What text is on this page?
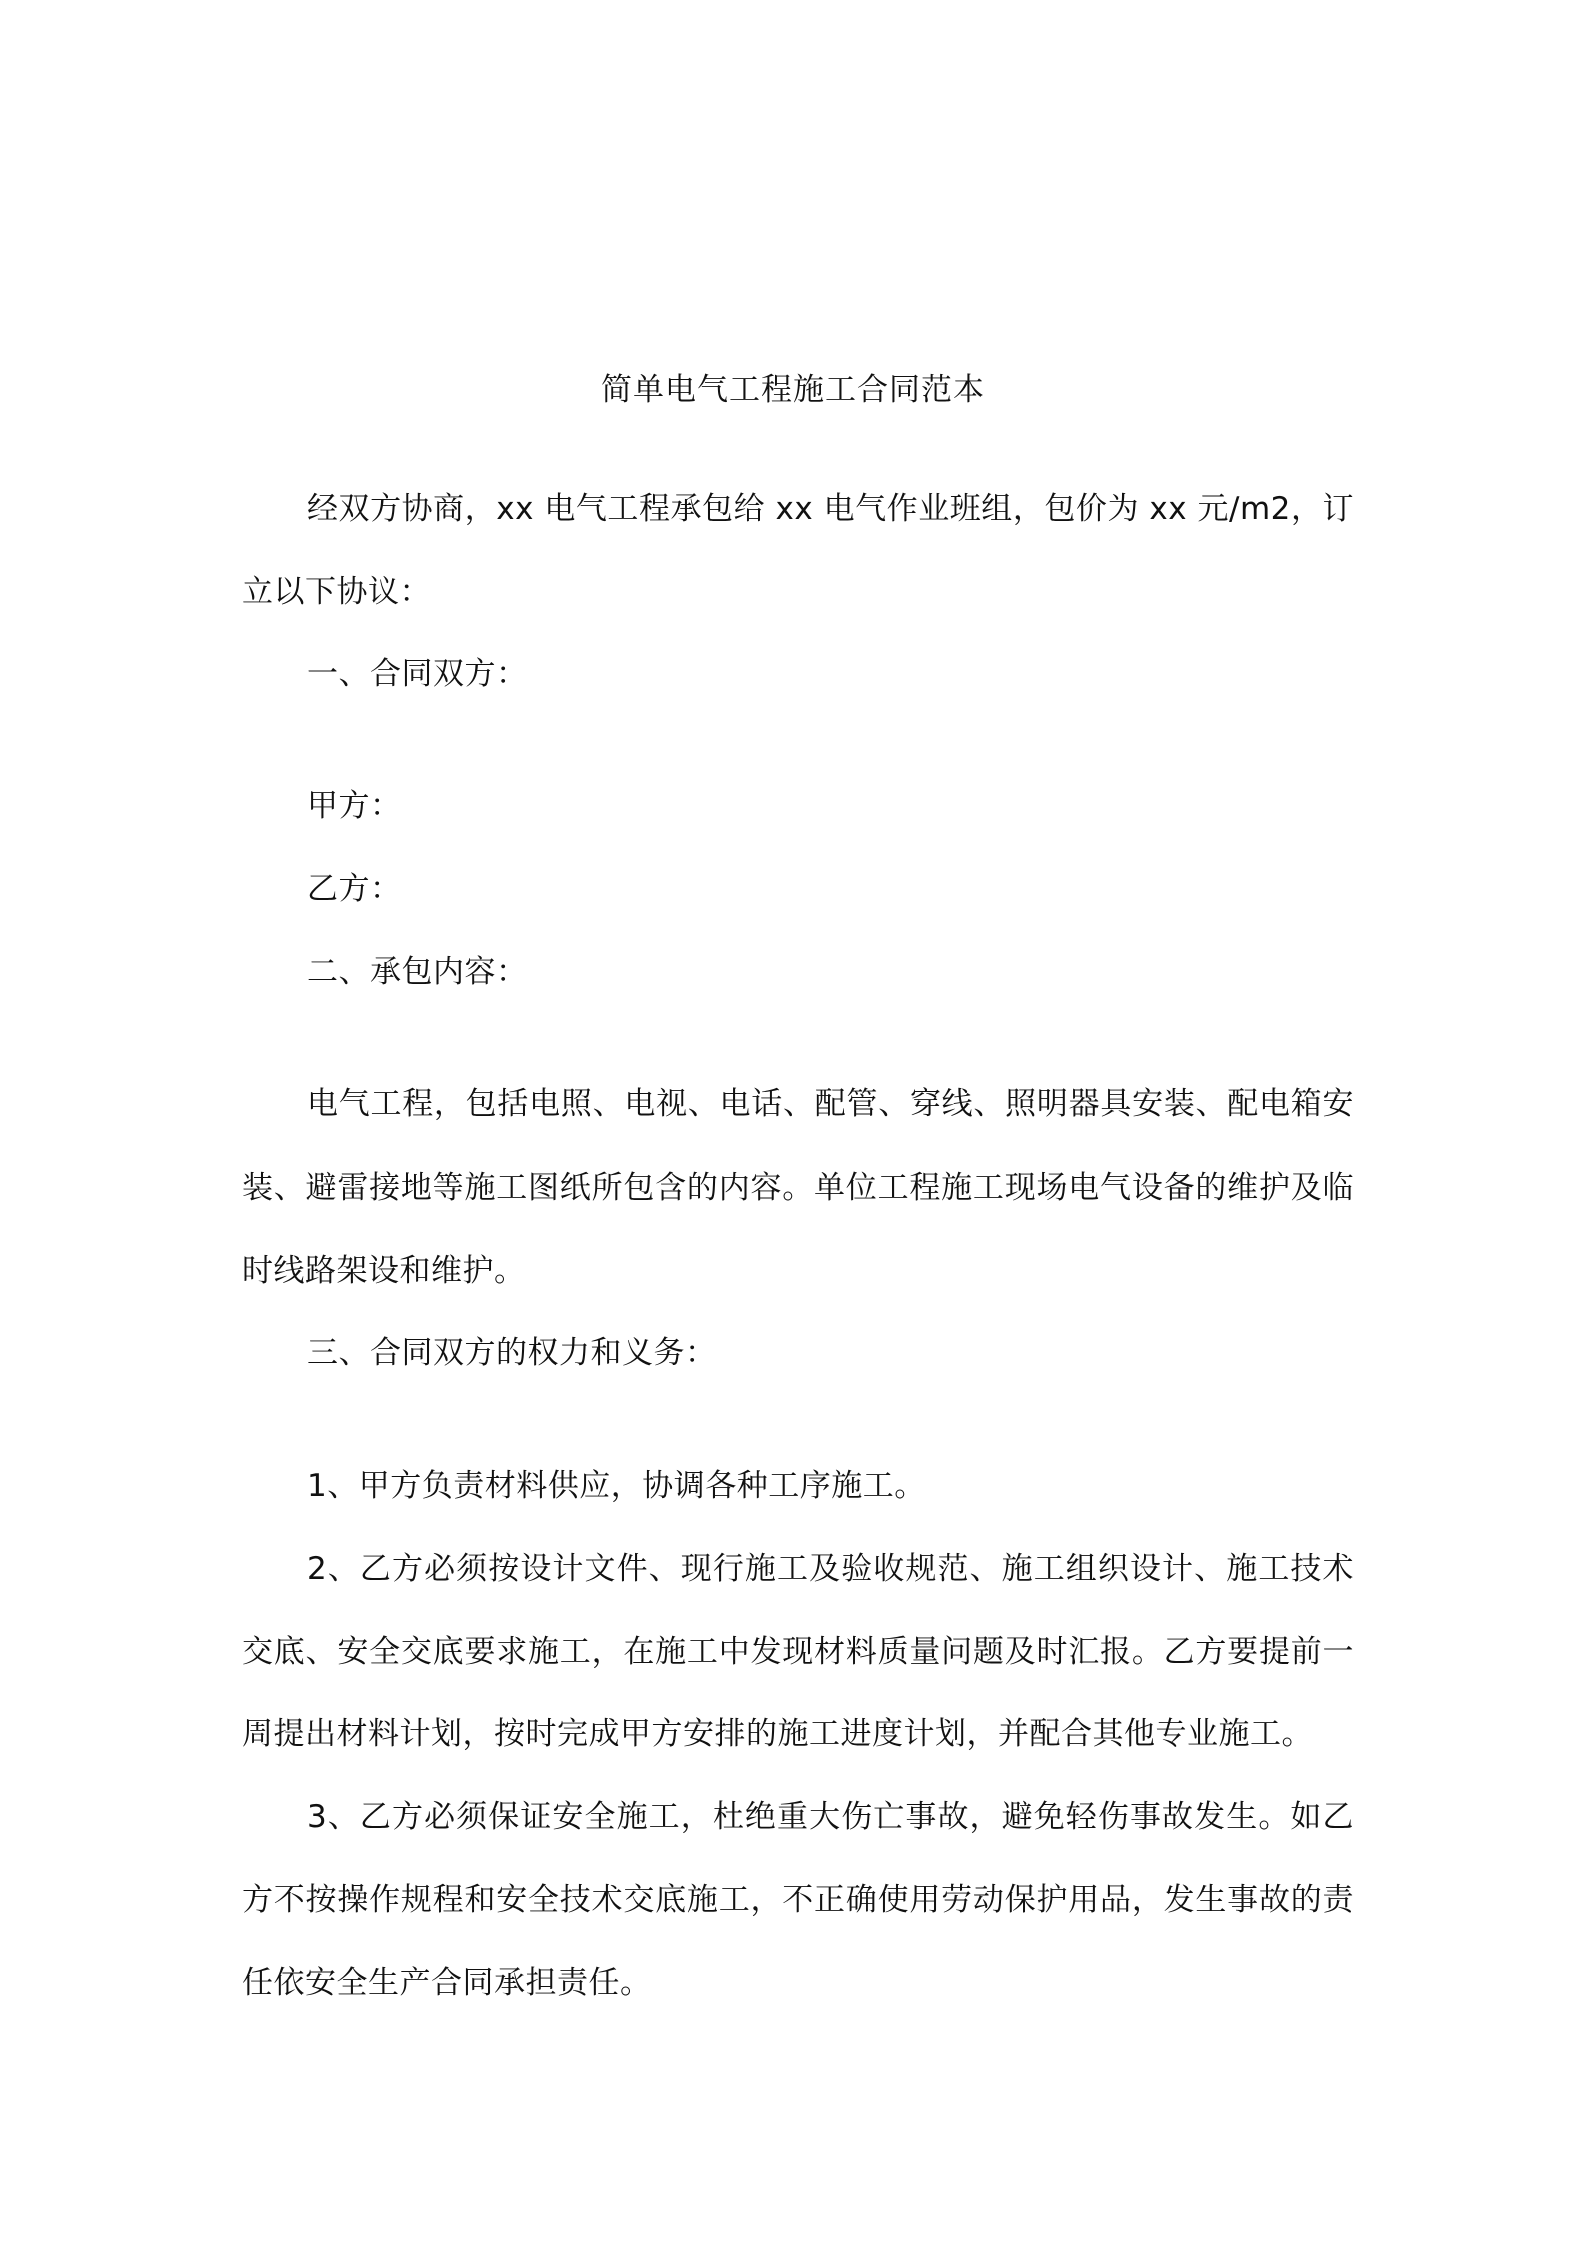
简单电气工程施工合同范本
经双方协商，xx 电气工程承包给 xx 电气作业班组，包价为 xx 元/m2，订
立以下协议：
一、合同双方：
甲方：
乙方：
二、承包内容：
电气工程，包括电照、电视、电话、配管、穿线、照明器具安装、配电箱安
装、避雷接地等施工图纸所包含的内容。单位工程施工现场电气设备的维护及临
时线路架设和维护。
三、合同双方的权力和义务：
1、甲方负责材料供应，协调各种工序施工。
2、乙方必须按设计文件、现行施工及验收规范、施工组织设计、施工技术
交底、安全交底要求施工，在施工中发现材料质量问题及时汇报。乙方要提前一
周提出材料计划，按时完成甲方安排的施工进度计划，并配合其他专业施工。
3、乙方必须保证安全施工，杜绝重大伤亡事故，避免轻伤事故发生。如乙
方不按操作规程和安全技术交底施工，不正确使用劳动保护用品，发生事故的责
任依安全生产合同承担责任。
